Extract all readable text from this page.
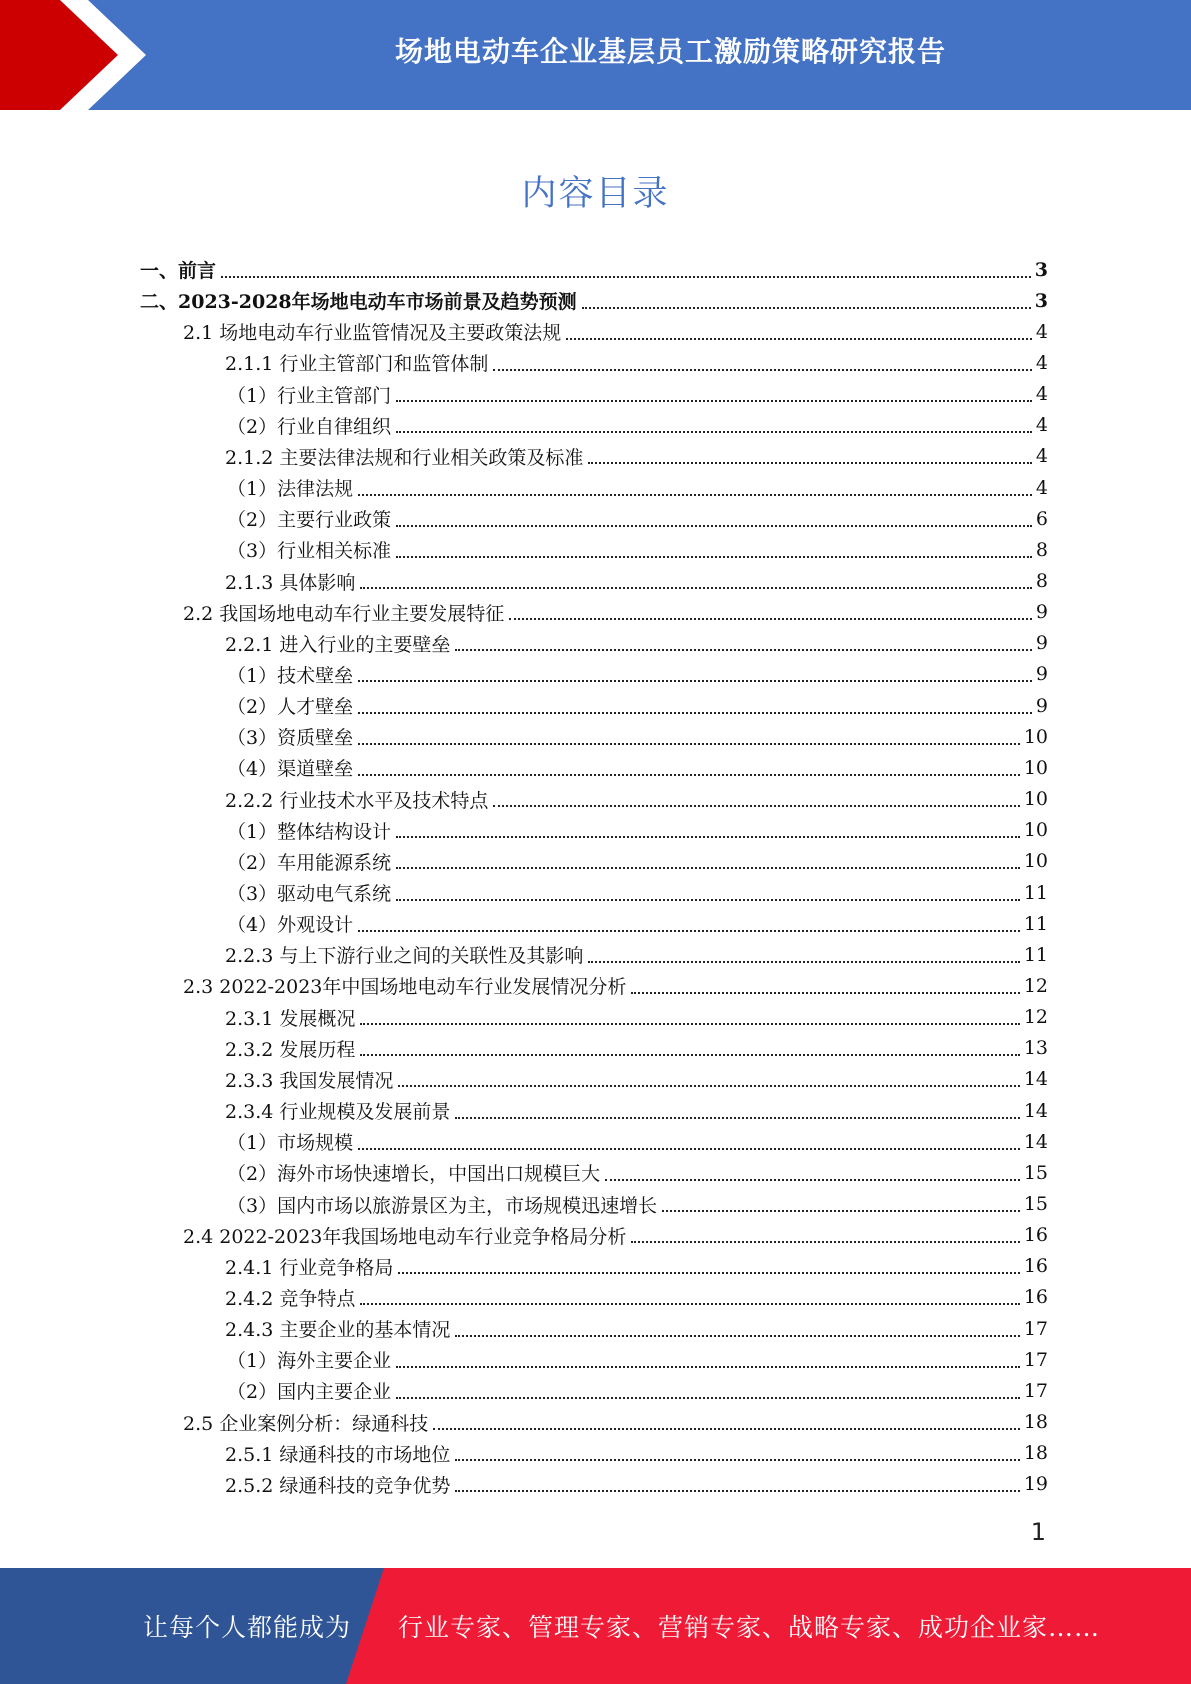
场地电动车企业基层员工激励策略研究报告
内容目录
一、前言	3
二、2023-2028年场地电动车市场前景及趋势预测	3
2.1 场地电动车行业监管情况及主要政策法规	4
2.1.1 行业主管部门和监管体制	4
（1）行业主管部门	4
（2）行业自律组织	4
2.1.2 主要法律法规和行业相关政策及标准	4
（1）法律法规	4
（2）主要行业政策	6
（3）行业相关标准	8
2.1.3 具体影响	8
2.2 我国场地电动车行业主要发展特征	9
2.2.1 进入行业的主要壁垒	9
（1）技术壁垒	9
（2）人才壁垒	9
（3）资质壁垒	10
（4）渠道壁垒	10
2.2.2 行业技术水平及技术特点	10
（1）整体结构设计	10
（2）车用能源系统	10
（3）驱动电气系统	11
（4）外观设计	11
2.2.3 与上下游行业之间的关联性及其影响	11
2.3 2022-2023年中国场地电动车行业发展情况分析	12
2.3.1 发展概况	12
2.3.2 发展历程	13
2.3.3 我国发展情况	14
2.3.4 行业规模及发展前景	14
（1）市场规模	14
（2）海外市场快速增长，中国出口规模巨大	15
（3）国内市场以旅游景区为主，市场规模迅速增长	15
2.4 2022-2023年我国场地电动车行业竞争格局分析	16
2.4.1 行业竞争格局	16
2.4.2 竞争特点	16
2.4.3 主要企业的基本情况	17
（1）海外主要企业	17
（2）国内主要企业	17
2.5 企业案例分析：绿通科技	18
2.5.1 绿通科技的市场地位	18
2.5.2 绿通科技的竞争优势	19
1
让每个人都能成为 行业专家、管理专家、营销专家、战略专家、成功企业家……
